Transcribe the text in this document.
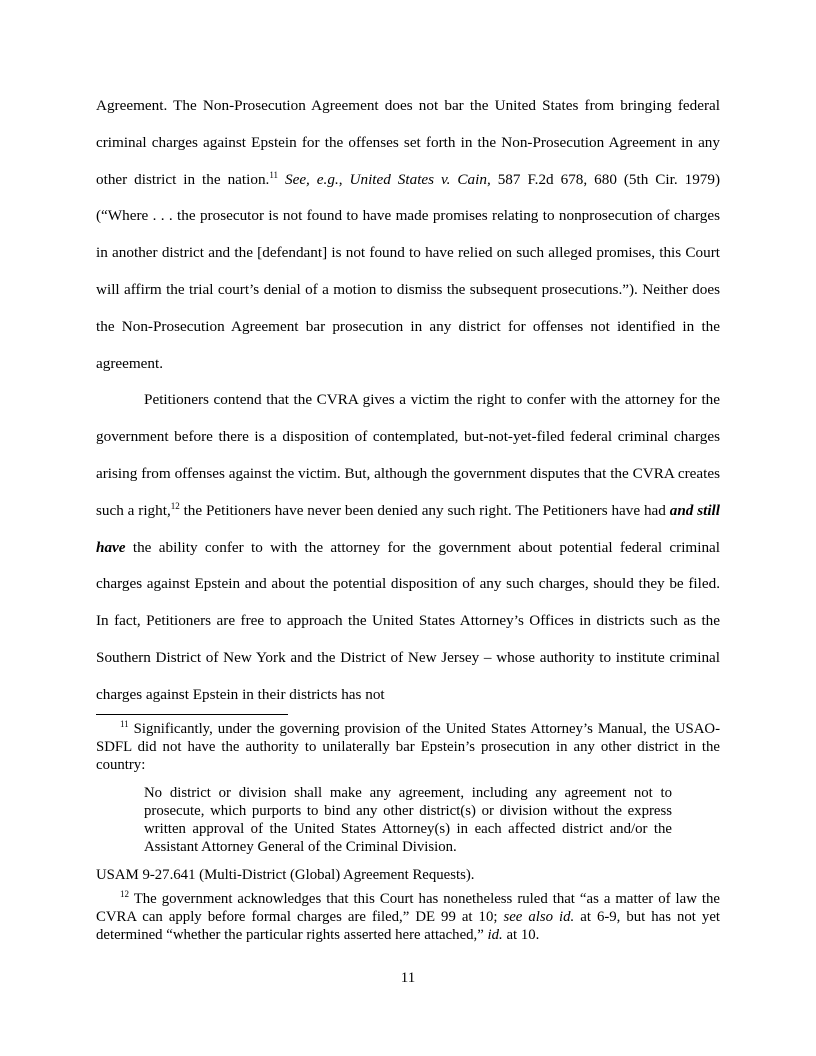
Agreement. The Non-Prosecution Agreement does not bar the United States from bringing federal criminal charges against Epstein for the offenses set forth in the Non-Prosecution Agreement in any other district in the nation.$^{11}$ See, e.g., United States v. Cain, 587 F.2d 678, 680 (5th Cir. 1979) (“Where . . . the prosecutor is not found to have made promises relating to nonprosecution of charges in another district and the [defendant] is not found to have relied on such alleged promises, this Court will affirm the trial court’s denial of a motion to dismiss the subsequent prosecutions.”). Neither does the Non-Prosecution Agreement bar prosecution in any district for offenses not identified in the agreement.

Petitioners contend that the CVRA gives a victim the right to confer with the attorney for the government before there is a disposition of contemplated, but-not-yet-filed federal criminal charges arising from offenses against the victim. But, although the government disputes that the CVRA creates such a right,$^{12}$ the Petitioners have never been denied any such right. The Petitioners have had and still have the ability confer to with the attorney for the government about potential federal criminal charges against Epstein and about the potential disposition of any such charges, should they be filed. In fact, Petitioners are free to approach the United States Attorney’s Offices in districts such as the Southern District of New York and the District of New Jersey – whose authority to institute criminal charges against Epstein in their districts has not

$^{11}$ Significantly, under the governing provision of the United States Attorney’s Manual, the USAO-SDFL did not have the authority to unilaterally bar Epstein’s prosecution in any other district in the country:

No district or division shall make any agreement, including any agreement not to prosecute, which purports to bind any other district(s) or division without the express written approval of the United States Attorney(s) in each affected district and/or the Assistant Attorney General of the Criminal Division.

USAM 9-27.641 (Multi-District (Global) Agreement Requests).

$^{12}$ The government acknowledges that this Court has nonetheless ruled that “as a matter of law the CVRA can apply before formal charges are filed,” DE 99 at 10; see also id. at 6-9, but has not yet determined “whether the particular rights asserted here attached,” id. at 10.

11
